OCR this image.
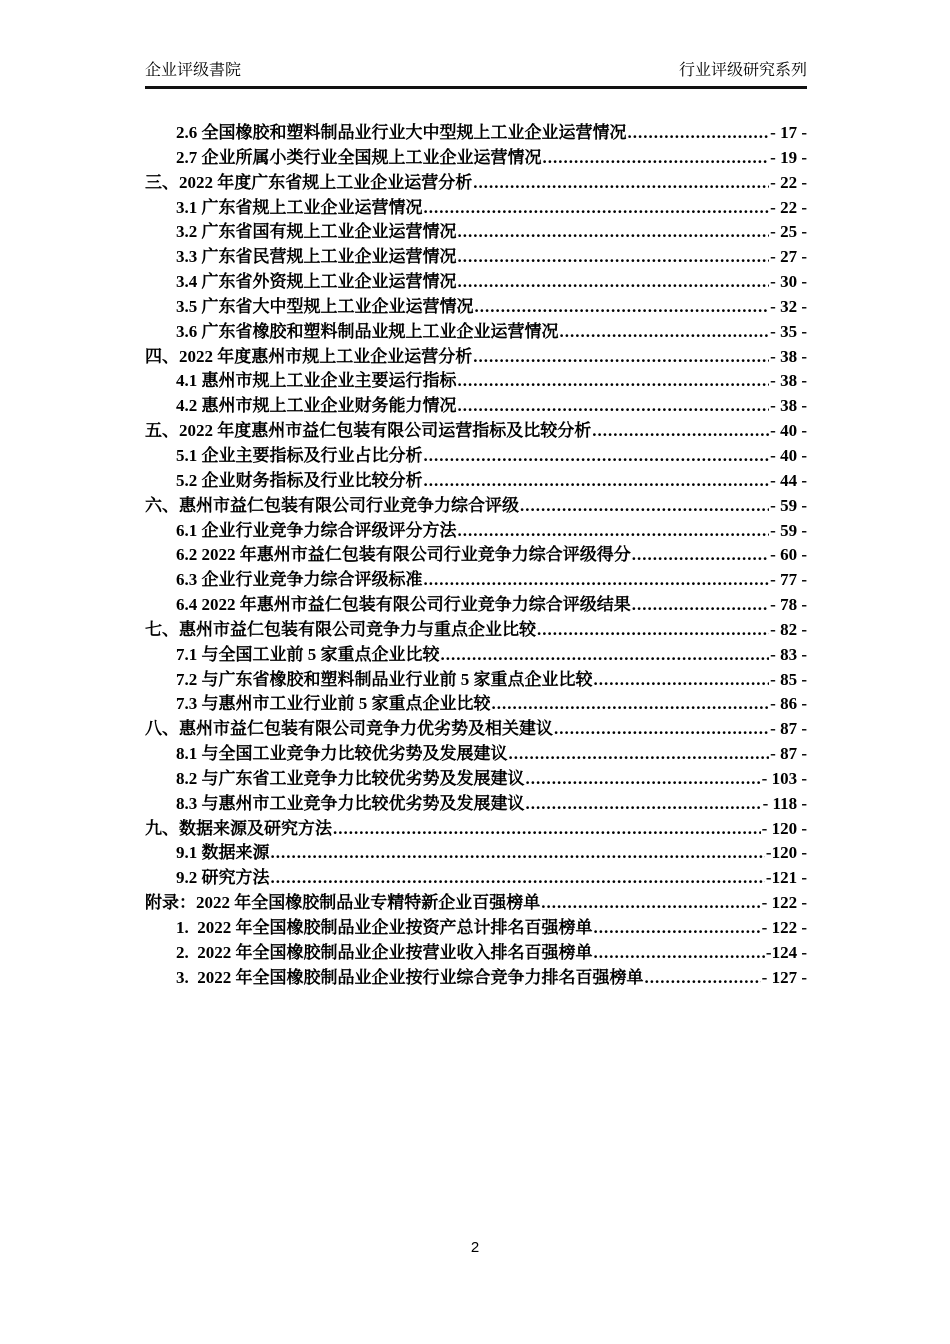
企业评级書院	行业评级研究系列
2.6 全国橡胶和塑料制品业行业大中型规上工业企业运营情况 .....	- 17 -
2.7 企业所属小类行业全国规上工业企业运营情况 .....	- 19 -
三、2022 年度广东省规上工业企业运营分析 .....	- 22 -
3.1 广东省规上工业企业运营情况 .....	- 22 -
3.2 广东省国有规上工业企业运营情况 .....	- 25 -
3.3 广东省民营规上工业企业运营情况 .....	- 27 -
3.4 广东省外资规上工业企业运营情况 .....	- 30 -
3.5 广东省大中型规上工业企业运营情况 .....	- 32 -
3.6 广东省橡胶和塑料制品业规上工业企业运营情况 .....	- 35 -
四、2022 年度惠州市规上工业企业运营分析 .....	- 38 -
4.1 惠州市规上工业企业主要运行指标 .....	- 38 -
4.2 惠州市规上工业企业财务能力情况 .....	- 38 -
五、2022 年度惠州市益仁包装有限公司运营指标及比较分析 .....	- 40 -
5.1 企业主要指标及行业占比分析 .....	- 40 -
5.2 企业财务指标及行业比较分析 .....	- 44 -
六、惠州市益仁包装有限公司行业竞争力综合评级 .....	- 59 -
6.1 企业行业竞争力综合评级评分方法 .....	- 59 -
6.2 2022 年惠州市益仁包装有限公司行业竞争力综合评级得分 .....	- 60 -
6.3 企业行业竞争力综合评级标准 .....	- 77 -
6.4 2022 年惠州市益仁包装有限公司行业竞争力综合评级结果 .....	- 78 -
七、惠州市益仁包装有限公司竞争力与重点企业比较 .....	- 82 -
7.1 与全国工业前 5 家重点企业比较 .....	- 83 -
7.2 与广东省橡胶和塑料制品业行业前 5 家重点企业比较 .....	- 85 -
7.3 与惠州市工业行业前 5 家重点企业比较 .....	- 86 -
八、惠州市益仁包装有限公司竞争力优劣势及相关建议 .....	- 87 -
8.1 与全国工业竞争力比较优劣势及发展建议 .....	- 87 -
8.2 与广东省工业竞争力比较优劣势及发展建议 .....	- 103 -
8.3 与惠州市工业竞争力比较优劣势及发展建议 .....	- 118 -
九、数据来源及研究方法 .....	- 120 -
9.1 数据来源 .....	-120 -
9.2 研究方法 .....	-121 -
附录：2022 年全国橡胶制品业专精特新企业百强榜单 .....	- 122 -
1.  2022 年全国橡胶制品业企业按资产总计排名百强榜单 .....	- 122 -
2.  2022 年全国橡胶制品业企业按营业收入排名百强榜单 .....	-124 -
3.  2022 年全国橡胶制品业企业按行业综合竞争力排名百强榜单 .....	- 127 -
2
